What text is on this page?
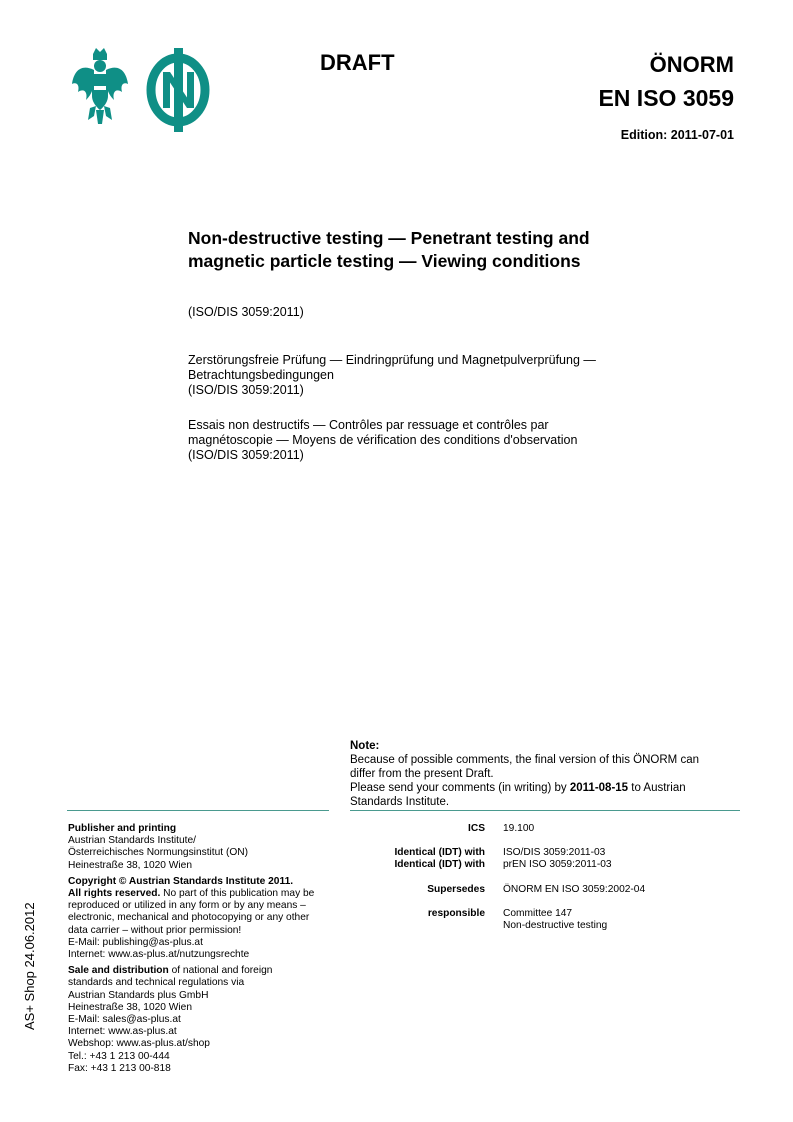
DRAFT	ÖNORM
EN ISO 3059
Edition: 2011-07-01
Non-destructive testing — Penetrant testing and
magnetic particle testing — Viewing conditions
(ISO/DIS 3059:2011)
Zerstörungsfreie Prüfung — Eindringprüfung und Magnetpulverprüfung —
Betrachtungsbedingungen
(ISO/DIS 3059:2011)
Essais non destructifs — Contrôles par ressuage et contrôles par
magnétoscopie — Moyens de vérification des conditions d'observation
(ISO/DIS 3059:2011)
Note:
Because of possible comments, the final version of this ÖNORM can
differ from the present Draft.
Please send your comments (in writing) by 2011-08-15 to Austrian
Standards Institute.

Publisher and printing
Austrian Standards Institute/
Österreichisches Normungsinstitut (ON)
Heinestraße 38, 1020 Wien

Copyright © Austrian Standards Institute 2011.
All rights reserved. No part of this publication may be
reproduced or utilized in any form or by any means –
electronic, mechanical and photocopying or any other
data carrier – without prior permission!
E-Mail: publishing@as-plus.at
Internet: www.as-plus.at/nutzungsrechte

Sale and distribution of national and foreign
standards and technical regulations via
Austrian Standards plus GmbH
Heinestraße 38, 1020 Wien
E-Mail: sales@as-plus.at
Internet: www.as-plus.at
Webshop: www.as-plus.at/shop
Tel.: +43 1 213 00-444
Fax: +43 1 213 00-818

ICS	19.100
Identical (IDT) with	ISO/DIS 3059:2011-03
Identical (IDT) with	prEN ISO 3059:2011-03
Supersedes	ÖNORM EN ISO 3059:2002-04
responsible	Committee 147
Non-destructive testing
AS+ Shop 24.06.2012
